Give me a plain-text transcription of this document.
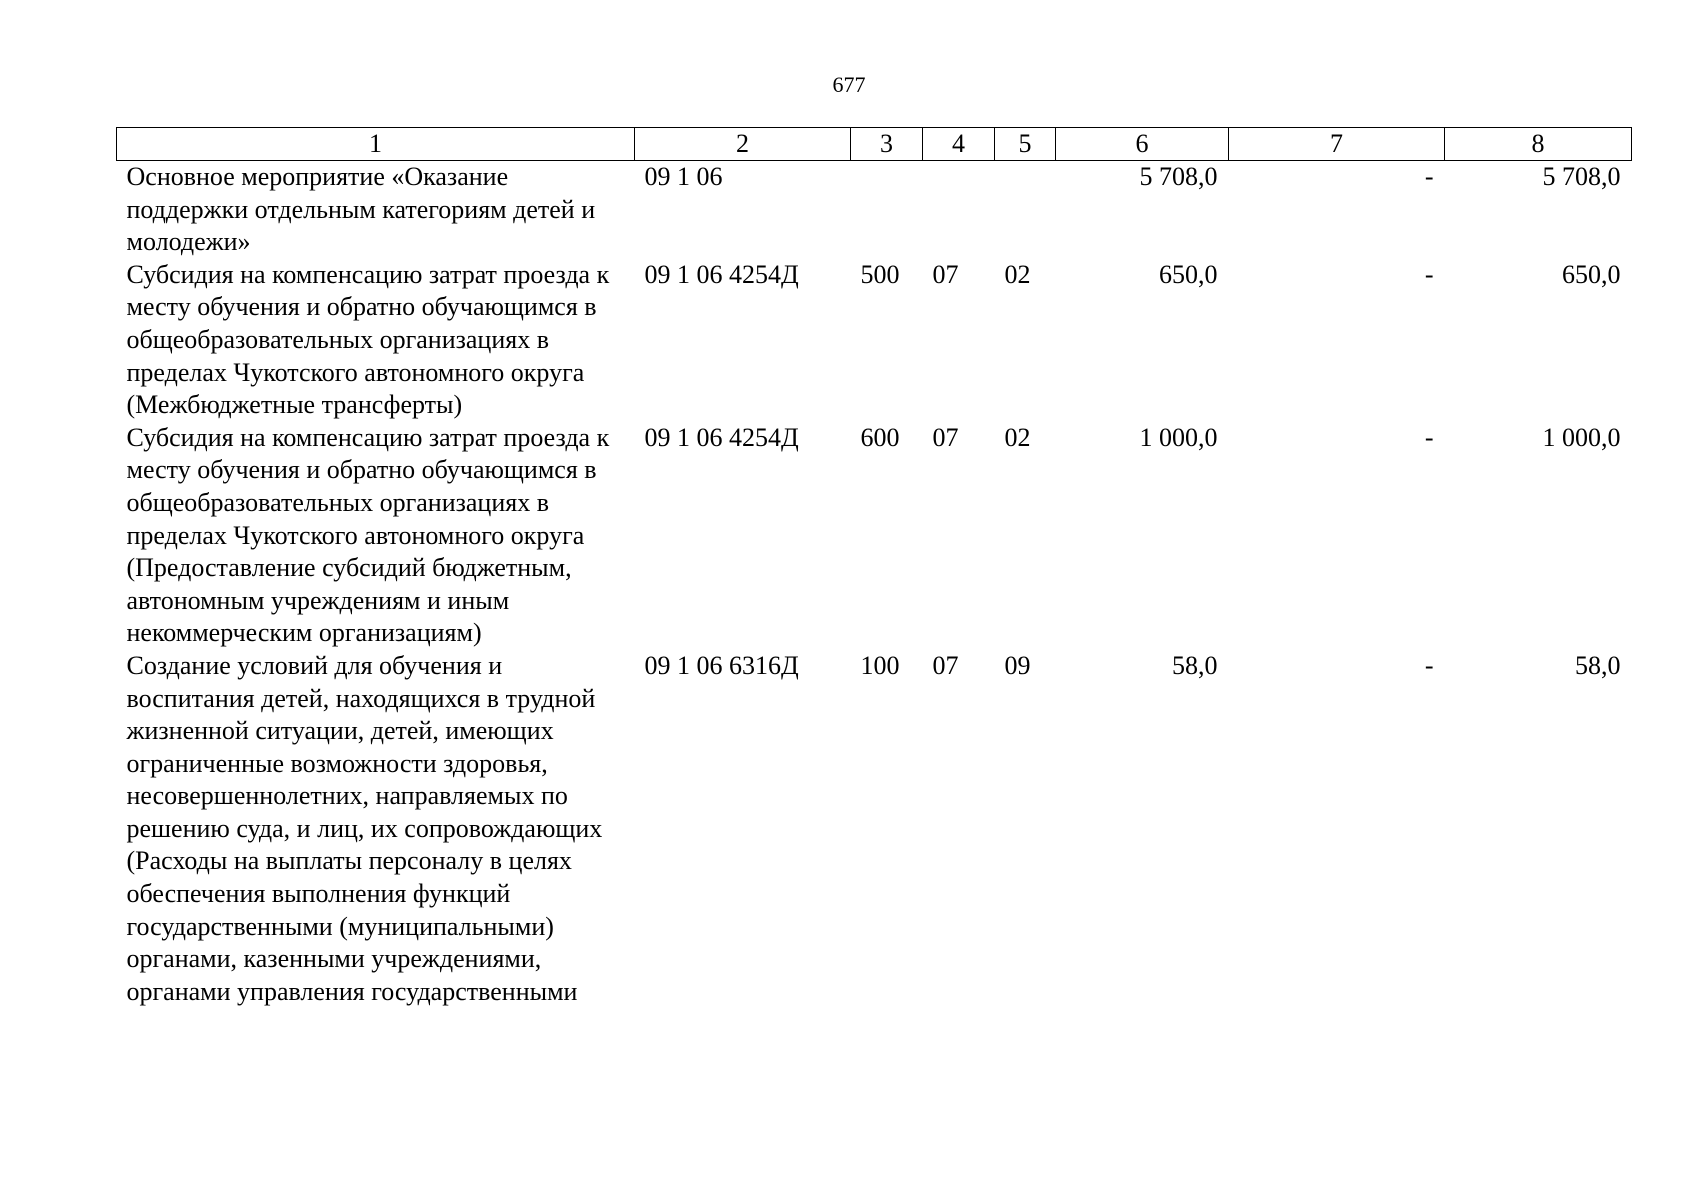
677
1	2	3	4	5	6	7	8
Основное мероприятие «Оказание поддержки отдельным категориям детей и молодежи»	09 1 06				5 708,0	-	5 708,0
Субсидия на компенсацию затрат проезда к месту обучения и обратно обучающимся в общеобразовательных организациях в пределах Чукотского автономного округа (Межбюджетные трансферты)	09 1 06 4254Д	500	07	02	650,0	-	650,0
Субсидия на компенсацию затрат проезда к месту обучения и обратно обучающимся в общеобразовательных организациях в пределах Чукотского автономного округа (Предоставление субсидий бюджетным, автономным учреждениям и иным некоммерческим организациям)	09 1 06 4254Д	600	07	02	1 000,0	-	1 000,0
Создание условий для обучения и воспитания детей, находящихся в трудной жизненной ситуации, детей, имеющих ограниченные возможности здоровья, несовершеннолетних, направляемых по решению суда, и лиц, их сопровождающих (Расходы на выплаты персоналу в целях обеспечения выполнения функций государственными (муниципальными) органами, казенными учреждениями, органами управления государственными	09 1 06 6316Д	100	07	09	58,0	-	58,0
